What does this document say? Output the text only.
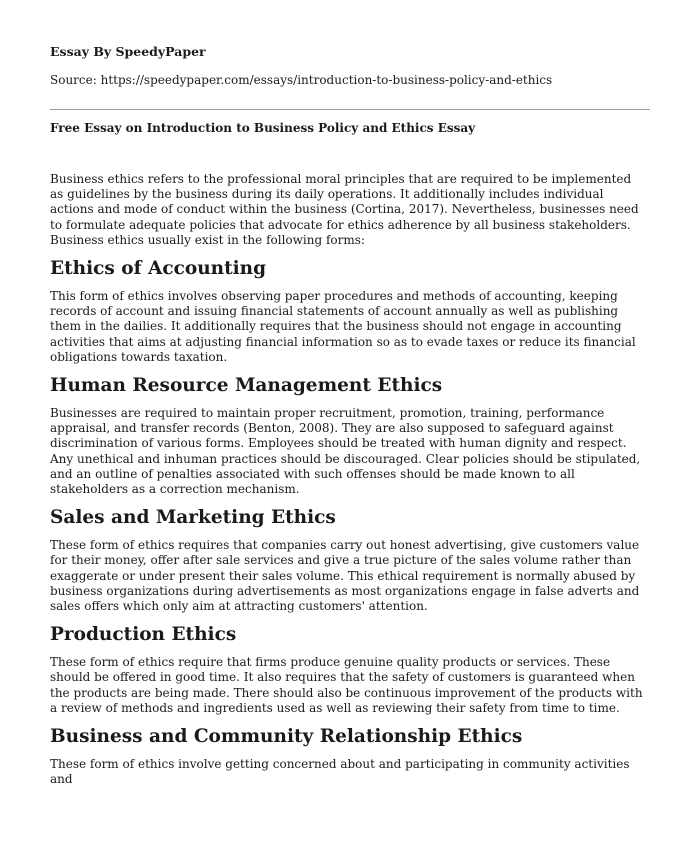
Essay By SpeedyPaper
Source: https://speedypaper.com/essays/introduction-to-business-policy-and-ethics
Free Essay on Introduction to Business Policy and Ethics Essay

Business ethics refers to the professional moral principles that are required to be implemented as guidelines by the business during its daily operations. It additionally includes individual actions and mode of conduct within the business (Cortina, 2017). Nevertheless, businesses need to formulate adequate policies that advocate for ethics adherence by all business stakeholders. Business ethics usually exist in the following forms:

Ethics of Accounting

This form of ethics involves observing paper procedures and methods of accounting, keeping records of account and issuing financial statements of account annually as well as publishing them in the dailies. It additionally requires that the business should not engage in accounting activities that aims at adjusting financial information so as to evade taxes or reduce its financial obligations towards taxation.

Human Resource Management Ethics

Businesses are required to maintain proper recruitment, promotion, training, performance appraisal, and transfer records (Benton, 2008). They are also supposed to safeguard against discrimination of various forms. Employees should be treated with human dignity and respect. Any unethical and inhuman practices should be discouraged. Clear policies should be stipulated, and an outline of penalties associated with such offenses should be made known to all stakeholders as a correction mechanism.

Sales and Marketing Ethics

These form of ethics requires that companies carry out honest advertising, give customers value for their money, offer after sale services and give a true picture of the sales volume rather than exaggerate or under present their sales volume. This ethical requirement is normally abused by business organizations during advertisements as most organizations engage in false adverts and sales offers which only aim at attracting customers' attention.

Production Ethics

These form of ethics require that firms produce genuine quality products or services. These should be offered in good time. It also requires that the safety of customers is guaranteed when the products are being made. There should also be continuous improvement of the products with a review of methods and ingredients used as well as reviewing their safety from time to time.

Business and Community Relationship Ethics

These form of ethics involve getting concerned about and participating in community activities and
